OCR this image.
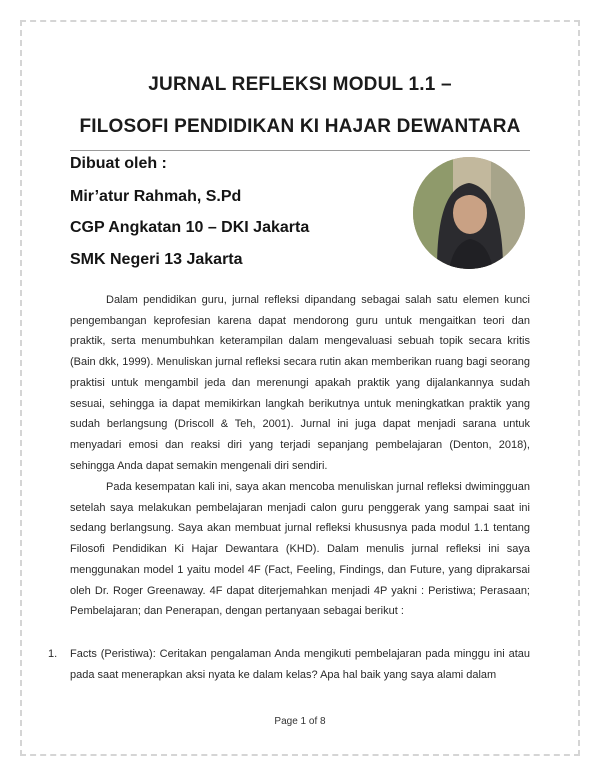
JURNAL REFLEKSI MODUL 1.1 –
FILOSOFI PENDIDIKAN KI HAJAR DEWANTARA
Dibuat oleh :
Mir’atur Rahmah, S.Pd
CGP Angkatan 10 – DKI Jakarta
SMK Negeri 13 Jakarta
Dalam pendidikan guru, jurnal refleksi dipandang sebagai salah satu elemen kunci pengembangan keprofesian karena dapat mendorong guru untuk mengaitkan teori dan praktik, serta menumbuhkan keterampilan dalam mengevaluasi sebuah topik secara kritis (Bain dkk, 1999). Menuliskan jurnal refleksi secara rutin akan memberikan ruang bagi seorang praktisi untuk mengambil jeda dan merenungi apakah praktik yang dijalankannya sudah sesuai, sehingga ia dapat memikirkan langkah berikutnya untuk meningkatkan praktik yang sudah berlangsung (Driscoll & Teh, 2001). Jurnal ini juga dapat menjadi sarana untuk menyadari emosi dan reaksi diri yang terjadi sepanjang pembelajaran (Denton, 2018), sehingga Anda dapat semakin mengenali diri sendiri.
Pada kesempatan kali ini, saya akan mencoba menuliskan jurnal refleksi dwimingguan setelah saya melakukan pembelajaran menjadi calon guru penggerak yang sampai saat ini sedang berlangsung. Saya akan membuat jurnal refleksi khususnya pada modul 1.1 tentang Filosofi Pendidikan Ki Hajar Dewantara (KHD). Dalam menulis jurnal refleksi ini saya menggunakan model 1 yaitu model 4F (Fact, Feeling, Findings, dan Future, yang diprakarsai oleh Dr. Roger Greenaway. 4F dapat diterjemahkan menjadi 4P yakni : Peristiwa; Perasaan; Pembelajaran; dan Penerapan, dengan pertanyaan sebagai berikut :
1. Facts (Peristiwa): Ceritakan pengalaman Anda mengikuti pembelajaran pada minggu ini atau pada saat menerapkan aksi nyata ke dalam kelas? Apa hal baik yang saya alami dalam
Page 1 of 8
